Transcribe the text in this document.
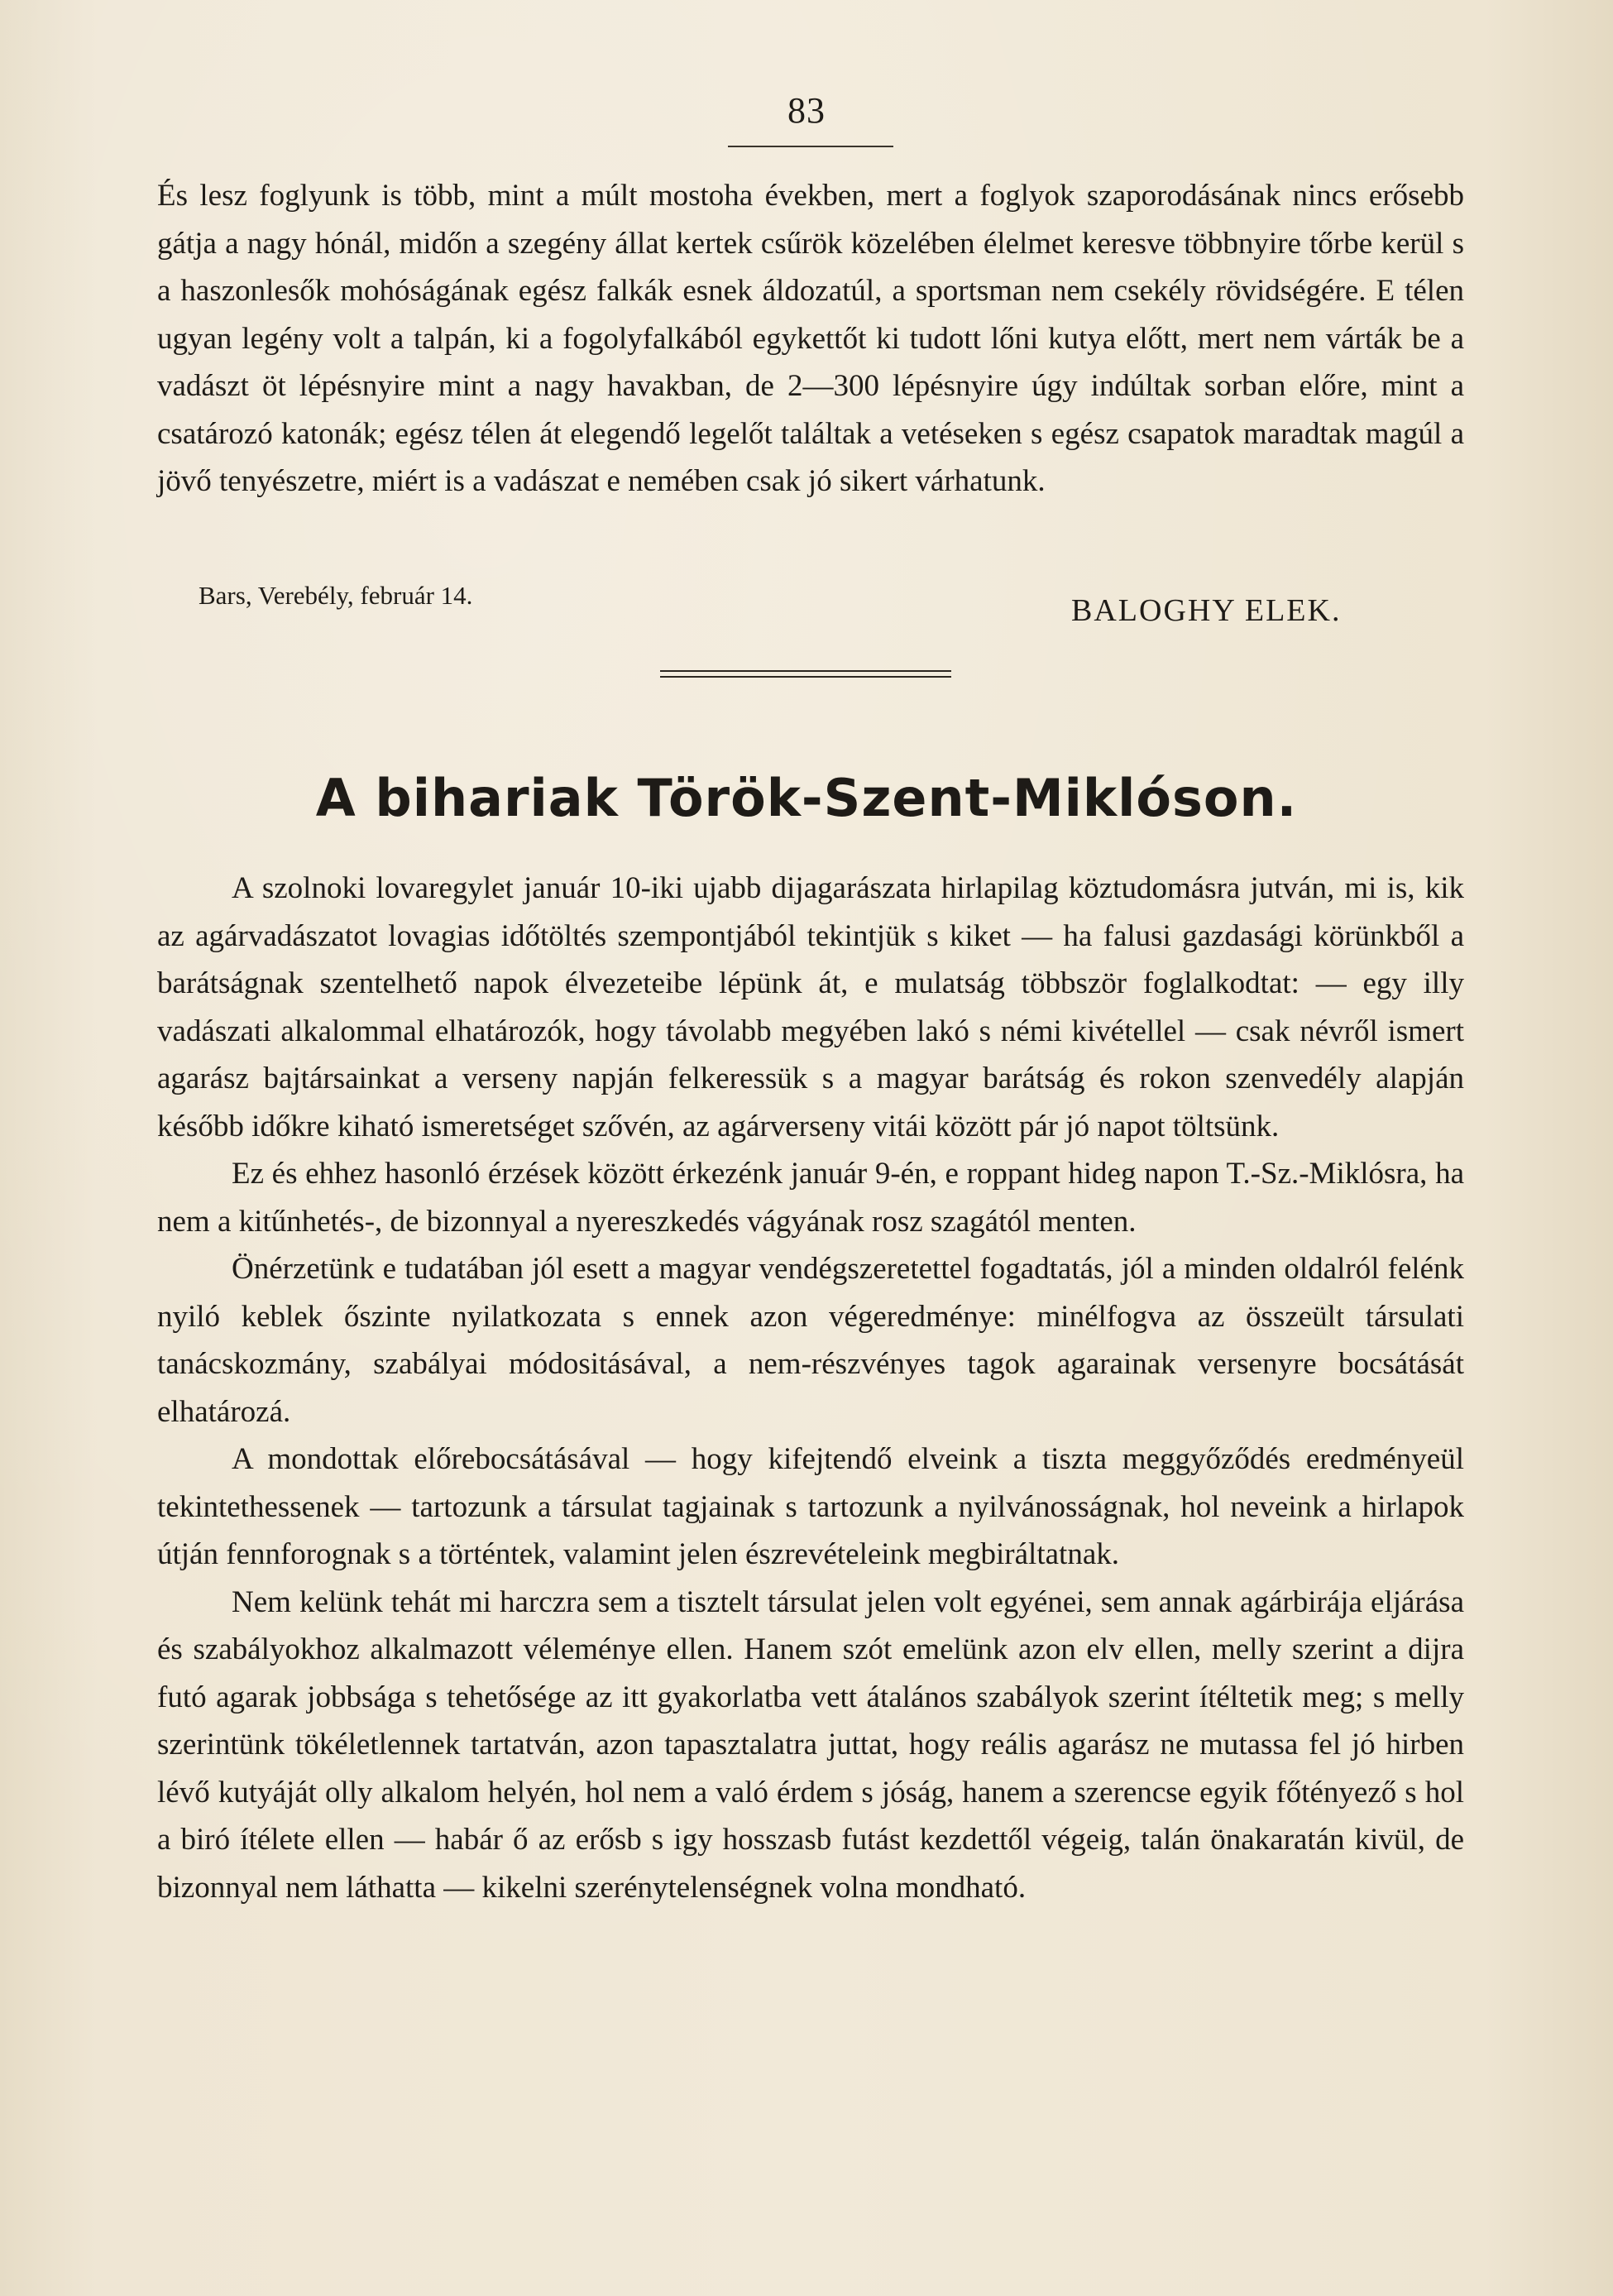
83

És lesz foglyunk is több, mint a múlt mostoha években, mert a foglyok szaporodásának nincs erősebb gátja a nagy hónál, midőn a szegény állat kertek csűrök közelében élelmet keresve többnyire tőrbe kerül s a haszonlesők mohóságának egész falkák esnek áldozatúl, a sportsman nem csekély rövidségére. E télen ugyan legény volt a talpán, ki a fogolyfalkából egykettőt ki tudott lőni kutya előtt, mert nem várták be a vadászt öt lépésnyire mint a nagy havakban, de 2—300 lépésnyire úgy indúltak sorban előre, mint a csatározó katonák; egész télen át elegendő legelőt találtak a vetéseken s egész csapatok maradtak magúl a jövő tenyészetre, miért is a vadászat e nemében csak jó sikert várhatunk.

Bars, Verebély, február 14.	BALOGHY ELEK.
A bihariak Török-Szent-Miklóson.

A szolnoki lovaregylet január 10-iki ujabb dijagarászata hirlapilag köztudomásra jutván, mi is, kik az agárvadászatot lovagias időtöltés szempontjából tekintjük s kiket — ha falusi gazdasági körünkből a barátságnak szentelhető napok élvezeteibe lépünk át, e mulatság többször foglalkodtat: — egy illy vadászati alkalommal elhatározók, hogy távolabb megyében lakó s némi kivétellel — csak névről ismert agarász bajtársainkat a verseny napján felkeressük s a magyar barátság és rokon szenvedély alapján később időkre kiható ismeretséget szővén, az agárverseny vitái között pár jó napot töltsünk.

Ez és ehhez hasonló érzések között érkezénk január 9-én, e roppant hideg napon T.-Sz.-Miklósra, ha nem a kitűnhetés-, de bizonnyal a nyereszkedés vágyának rosz szagától menten.

Önérzetünk e tudatában jól esett a magyar vendégszeretettel fogadtatás, jól a minden oldalról felénk nyiló keblek őszinte nyilatkozata s ennek azon végeredménye: minélfogva az összeült társulati tanácskozmány, szabályai módositásával, a nem-részvényes tagok agarainak versenyre bocsátását elhatározá.

A mondottak előrebocsátásával — hogy kifejtendő elveink a tiszta meggyőződés eredményeül tekintethessenek — tartozunk a társulat tagjainak s tartozunk a nyilvánosságnak, hol neveink a hirlapok útján fennforognak s a történtek, valamint jelen észrevételeink megbiráltatnak.

Nem kelünk tehát mi harczra sem a tisztelt társulat jelen volt egyénei, sem annak agárbirája eljárása és szabályokhoz alkalmazott véleménye ellen. Hanem szót emelünk azon elv ellen, melly szerint a dijra futó agarak jobbsága s tehetősége az itt gyakorlatba vett átalános szabályok szerint ítéltetik meg; s melly szerintünk tökéletlennek tartatván, azon tapasztalatra juttat, hogy reális agarász ne mutassa fel jó hirben lévő kutyáját olly alkalom helyén, hol nem a való érdem s jóság, hanem a szerencse egyik főtényező s hol a biró ítélete ellen — habár ő az erősb s igy hosszasb futást kezdettől végeig, talán önakaratán kivül, de bizonnyal nem láthatta — kikelni szerénytelenségnek volna mondható.
